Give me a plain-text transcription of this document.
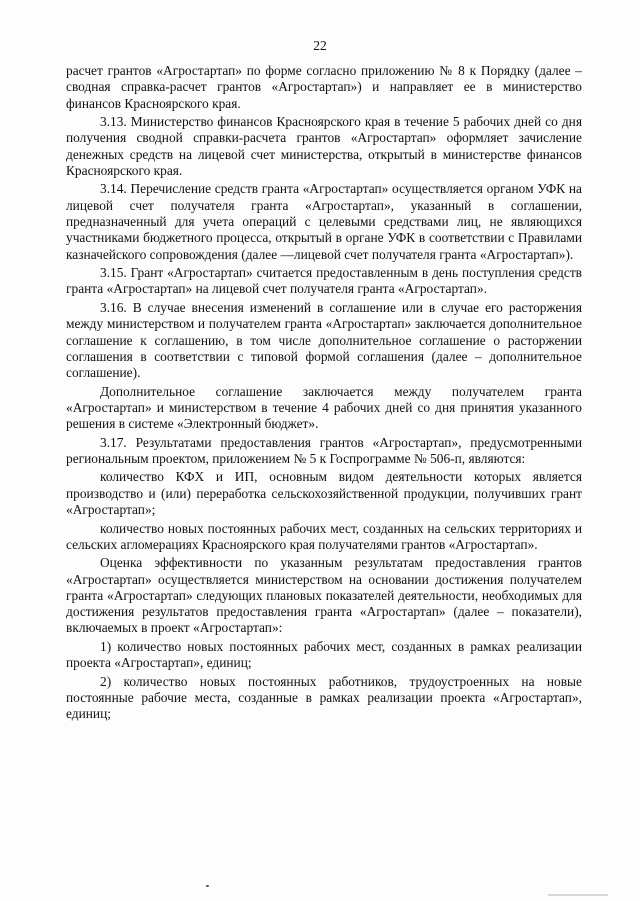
22

расчет грантов «Агростартап» по форме согласно приложению № 8 к Порядку (далее – сводная справка-расчет грантов «Агростартап») и направляет ее в министерство финансов Красноярского края.

3.13. Министерство финансов Красноярского края в течение 5 рабочих дней со дня получения сводной справки-расчета грантов «Агростартап» оформляет зачисление денежных средств на лицевой счет министерства, открытый в министерстве финансов Красноярского края.

3.14. Перечисление средств гранта «Агростартап» осуществляется органом УФК на лицевой счет получателя гранта «Агростартап», указанный в соглашении, предназначенный для учета операций с целевыми средствами лиц, не являющихся участниками бюджетного процесса, открытый в органе УФК в соответствии с Правилами казначейского сопровождения (далее —лицевой счет получателя гранта «Агростартап»).

3.15. Грант «Агростартап» считается предоставленным в день поступления средств гранта «Агростартап» на лицевой счет получателя гранта «Агростартап».

3.16. В случае внесения изменений в соглашение или в случае его расторжения между министерством и получателем гранта «Агростартап» заключается дополнительное соглашение к соглашению, в том числе дополнительное соглашение о расторжении соглашения в соответствии с типовой формой соглашения (далее – дополнительное соглашение).

Дополнительное соглашение заключается между получателем гранта «Агростартап» и министерством в течение 4 рабочих дней со дня принятия указанного решения в системе «Электронный бюджет».

3.17. Результатами предоставления грантов «Агростартап», предусмотренными региональным проектом, приложением № 5 к Госпрограмме № 506-п, являются:

количество КФХ и ИП, основным видом деятельности которых является производство и (или) переработка сельскохозяйственной продукции, получивших грант «Агростартап»;

количество новых постоянных рабочих мест, созданных на сельских территориях и сельских агломерациях Красноярского края получателями грантов «Агростартап».

Оценка эффективности по указанным результатам предоставления грантов «Агростартап» осуществляется министерством на основании достижения получателем гранта «Агростартап» следующих плановых показателей деятельности, необходимых для достижения результатов предоставления гранта «Агростартап» (далее – показатели), включаемых в проект «Агростартап»:

1) количество новых постоянных рабочих мест, созданных в рамках реализации проекта «Агростартап», единиц;

2) количество новых постоянных работников, трудоустроенных на новые постоянные рабочие места, созданные в рамках реализации проекта «Агростартап», единиц;
